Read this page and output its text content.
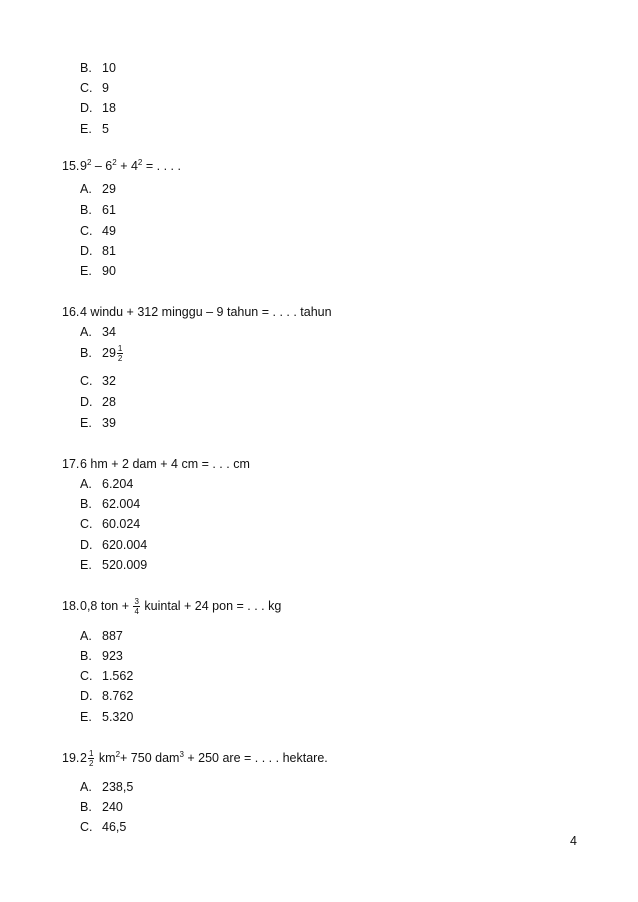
B. 10
C. 9
D. 18
E. 5
$15.9^2 - 6^2 + 4^2$ = . . . .
A. 29
B. 61
C. 49
D. 81
E. 90
16.4 windu + 312 minggu – 9 tahun = . . . . tahun
A. 34
B. $29 \frac{1}{2}$
C. 32
D. 28
E. 39
17.6 hm + 2 dam + 4 cm = . . . cm
A. 6.204
B. 62.004
C. 60.024
D. 620.004
E. 520.009
18.0,8 ton + $\frac{3}{4}$ kuintal + 24 pon = . . . kg
A. 887
B. 923
C. 1.562
D. 8.762
E. 5.320
$19.2 \frac{1}{2} km^2+ 750$ dam$^3$ + 250 are = . . . . hektare.
A. 238,5
B. 240
C. 46,5
4
